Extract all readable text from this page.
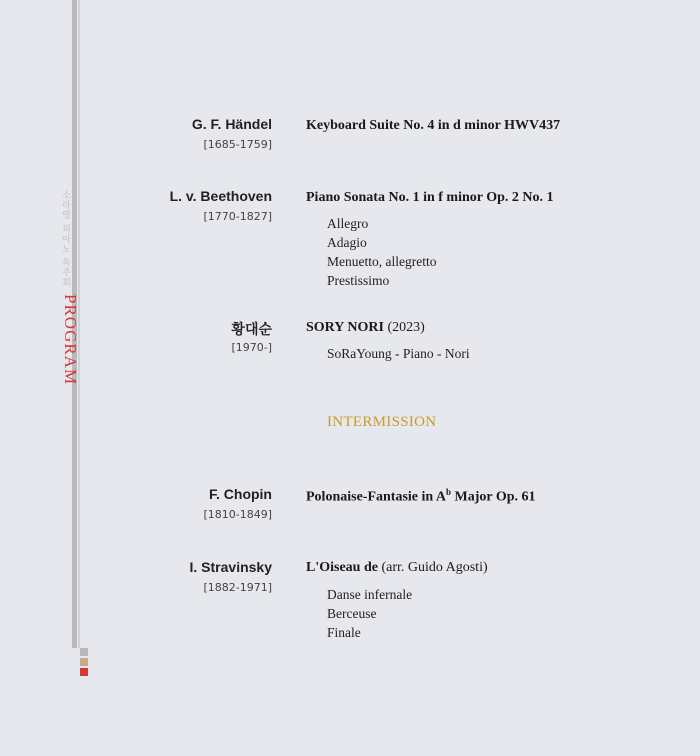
소라영 피아노 독주회
PROGRAM
G. F. Händel
[1685-1759]
Keyboard Suite No. 4 in d minor HWV437
L. v. Beethoven
[1770-1827]
Piano Sonata No. 1 in f minor Op. 2 No. 1
Allegro
Adagio
Menuetto, allegretto
Prestissimo
황대순
[1970-]
SORY NORI (2023)
SoRaYoung - Piano - Nori
INTERMISSION
F. Chopin
[1810-1849]
Polonaise-Fantasie in $A^b$ Major Op. 61
I. Stravinsky
[1882-1971]
L'Oiseau de (arr. Guido Agosti)
Danse infernale
Berceuse
Finale
